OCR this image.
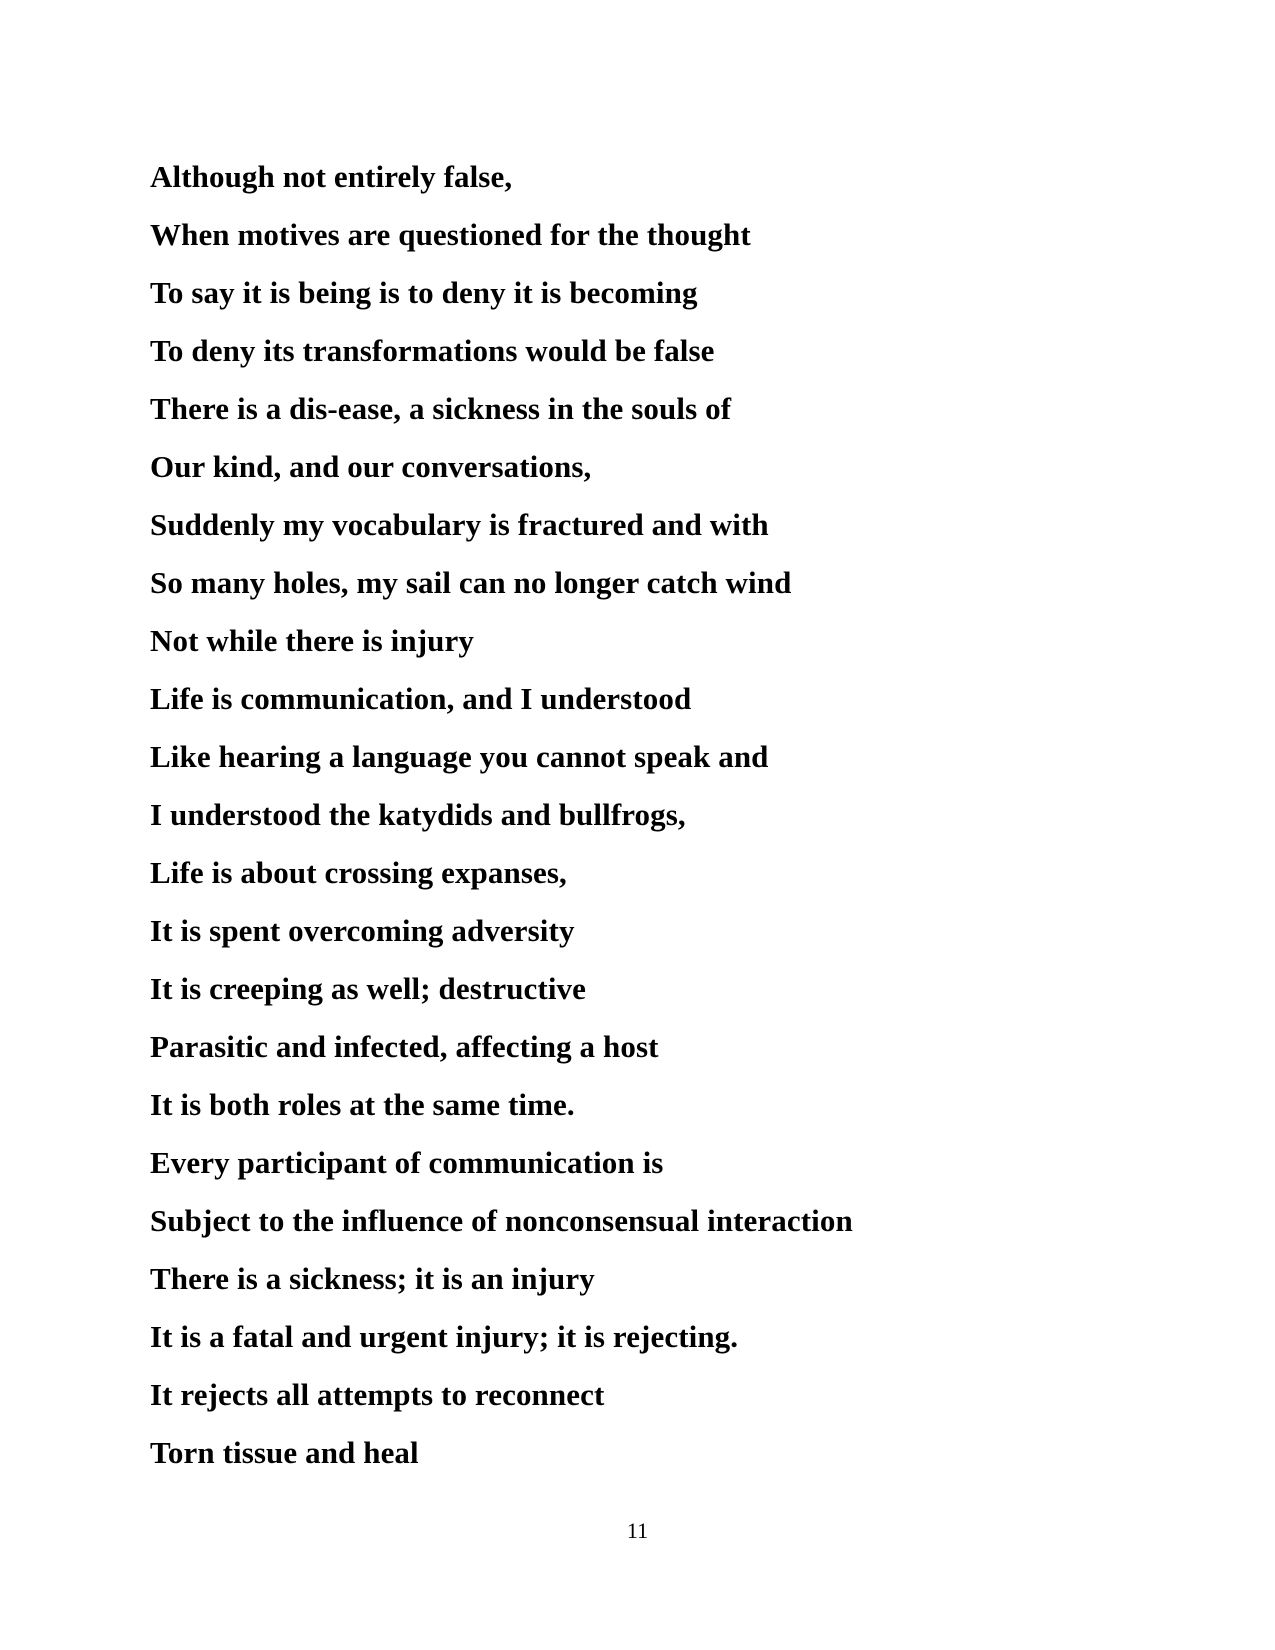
Although not entirely false,
When motives are questioned for the thought
To say it is being is to deny it is becoming
To deny its transformations would be false
There is a dis-ease, a sickness in the souls of
Our kind, and our conversations,
Suddenly my vocabulary is fractured and with
So many holes, my sail can no longer catch wind
Not while there is injury
Life is communication, and I understood
Like hearing a language you cannot speak and
I understood the katydids and bullfrogs,
Life is about crossing expanses,
It is spent overcoming adversity
It is creeping as well; destructive
Parasitic and infected, affecting a host
It is both roles at the same time.
Every participant of communication is
Subject to the influence of nonconsensual interaction
There is a sickness; it is an injury
It is a fatal and urgent injury; it is rejecting.
It rejects all attempts to reconnect
Torn tissue and heal
11
